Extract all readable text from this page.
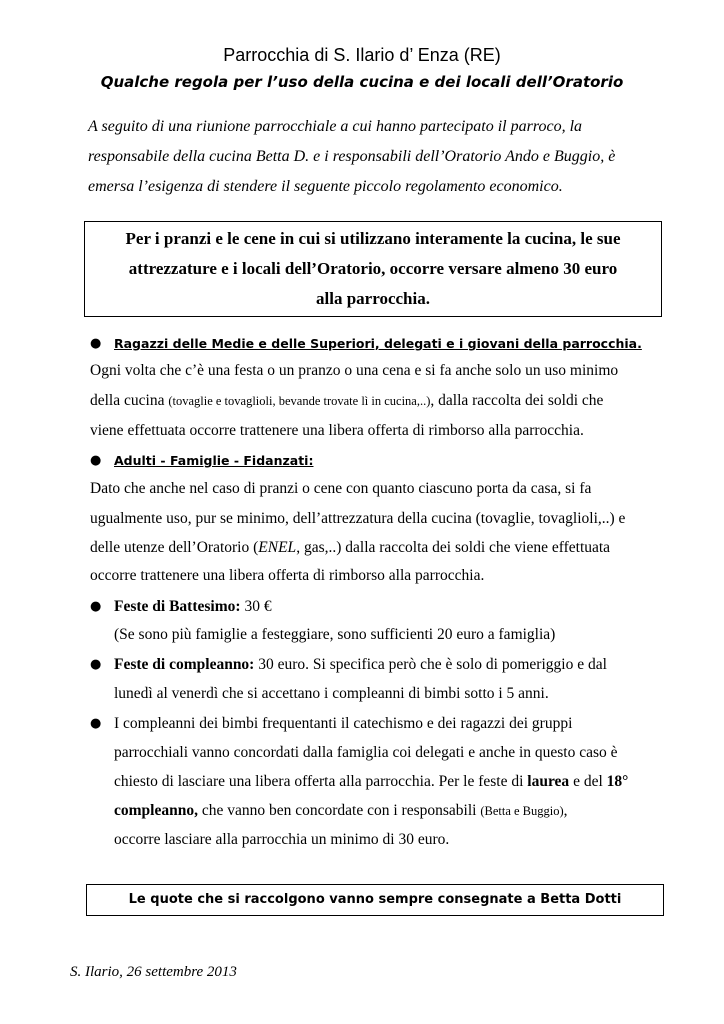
Parrocchia di S. Ilario d’ Enza (RE)
Qualche regola per l’uso della cucina e dei locali dell’Oratorio
A seguito di una riunione parrocchiale a cui hanno partecipato il parroco, la
responsabile della cucina Betta D. e i responsabili dell’Oratorio Ando e Buggio, è
emersa l’esigenza di stendere il seguente piccolo regolamento economico.
Per i pranzi e le cene in cui si utilizzano interamente la cucina, le sue
attrezzature e i locali dell’Oratorio, occorre versare almeno 30 euro
alla parrocchia.
● Ragazzi delle Medie e delle Superiori, delegati e i giovani della parrocchia.
Ogni volta che c’è una festa o un pranzo o una cena e si fa anche solo un uso minimo
della cucina (tovaglie e tovaglioli, bevande trovate lì in cucina,..), dalla raccolta dei soldi che
viene effettuata occorre trattenere una libera offerta di rimborso alla parrocchia.
● Adulti - Famiglie - Fidanzati:
Dato che anche nel caso di pranzi o cene con quanto ciascuno porta da casa, si fa
ugualmente uso, pur se minimo, dell’attrezzatura della cucina (tovaglie, tovaglioli,..) e
delle utenze dell’Oratorio (ENEL, gas,..) dalla raccolta dei soldi che viene effettuata
occorre trattenere una libera offerta di rimborso alla parrocchia.
● Feste di Battesimo: 30 €
(Se sono più famiglie a festeggiare, sono sufficienti 20 euro a famiglia)
● Feste di compleanno: 30 euro. Si specifica però che è solo di pomeriggio e dal
lunedì al venerdì che si accettano i compleanni di bimbi sotto i 5 anni.
● I compleanni dei bimbi frequentanti il catechismo e dei ragazzi dei gruppi
parrocchiali vanno concordati dalla famiglia coi delegati e anche in questo caso è
chiesto di lasciare una libera offerta alla parrocchia. Per le feste di laurea e del 18°
compleanno, che vanno ben concordate con i responsabili (Betta e Buggio),
occorre lasciare alla parrocchia un minimo di 30 euro.
Le quote che si raccolgono vanno sempre consegnate a Betta Dotti
S. Ilario, 26 settembre 2013
